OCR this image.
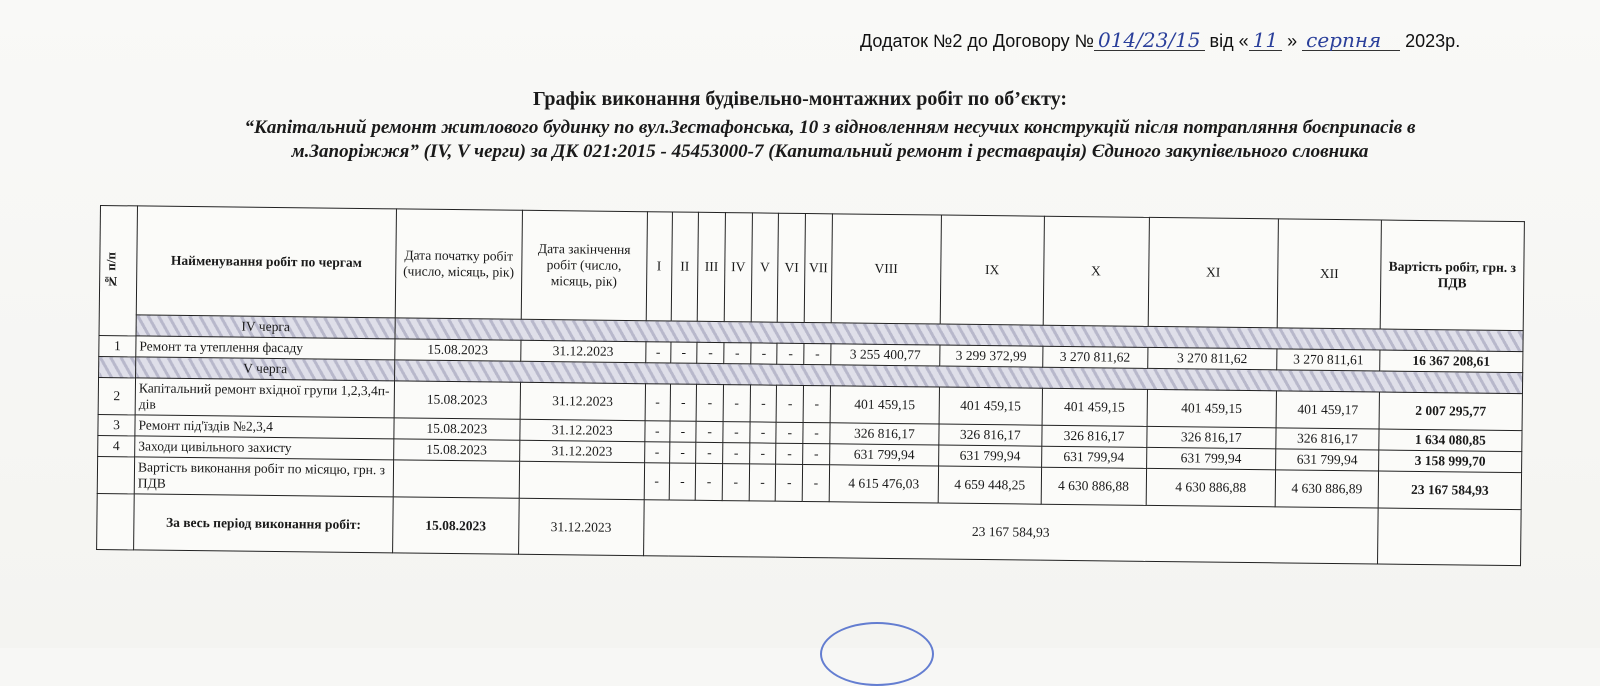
Додаток №2 до Договору № 014/23/15 від « 11 » серпня 2023р.
Графік виконання будівельно-монтажних робіт по об’єкту:
“Капітальний ремонт житлового будинку по вул.Зестафонська, 10 з відновленням несучих конструкцій після потрапляння боєприпасів в
м.Запоріжжя” (IV, V черги) за ДК 021:2015 - 45453000-7 (Капитальний ремонт і реставрація) Єдиного закупівельного словника
№ п/п	Найменування робіт по чергам	Дата початку робіт (число, місяць, рік)	Дата закінчення робіт (число, місяць, рік)	I	II	III	IV	V	VI	VII	VIII	IX	X	XI	XII	Вартість робіт, грн. з ПДВ
	IV черга															
1	Ремонт та утеплення фасаду	15.08.2023	31.12.2023	-	-	-	-	-	-	-	3 255 400,77	3 299 372,99	3 270 811,62	3 270 811,62	3 270 811,61	16 367 208,61
	V черга															
2	Капітальний ремонт вхідної групи 1,2,3,4п-дів	15.08.2023	31.12.2023	-	-	-	-	-	-	-	401 459,15	401 459,15	401 459,15	401 459,15	401 459,17	2 007 295,77
3	Ремонт під'їздів №2,3,4	15.08.2023	31.12.2023	-	-	-	-	-	-	-	326 816,17	326 816,17	326 816,17	326 816,17	326 816,17	1 634 080,85
4	Заходи цивільного захисту	15.08.2023	31.12.2023	-	-	-	-	-	-	-	631 799,94	631 799,94	631 799,94	631 799,94	631 799,94	3 158 999,70
	Вартість виконання робіт по місяцю, грн. з ПДВ			-	-	-	-	-	-	-	4 615 476,03	4 659 448,25	4 630 886,88	4 630 886,88	4 630 886,89	23 167 584,93
	За весь період виконання робіт:	15.08.2023	31.12.2023	23 167 584,93												
